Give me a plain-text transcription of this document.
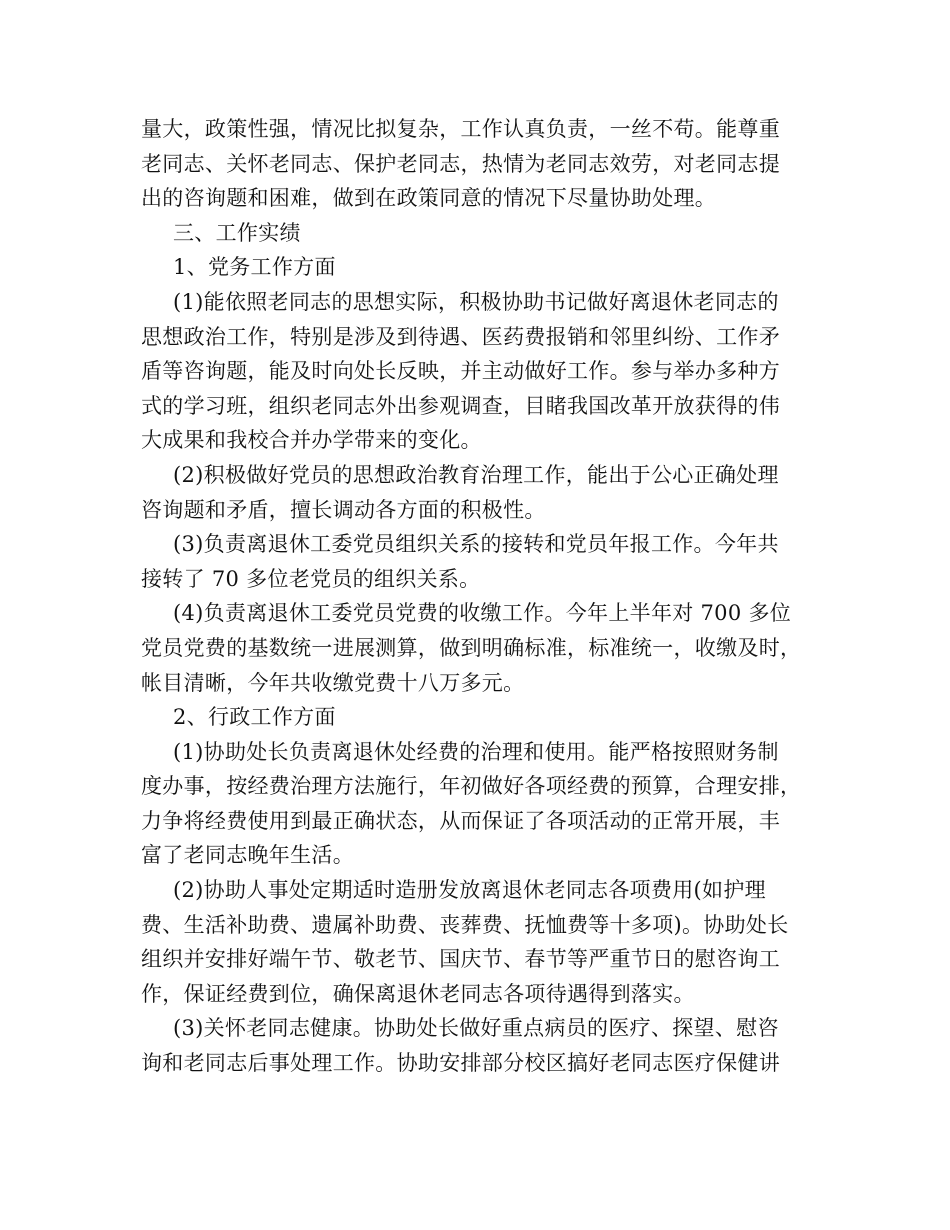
量大，政策性强，情况比拟复杂，工作认真负责，一丝不苟。能尊重
老同志、关怀老同志、保护老同志，热情为老同志效劳，对老同志提
出的咨询题和困难，做到在政策同意的情况下尽量协助处理。
三、工作实绩
1、党务工作方面
(1)能依照老同志的思想实际，积极协助书记做好离退休老同志的
思想政治工作，特别是涉及到待遇、医药费报销和邻里纠纷、工作矛
盾等咨询题，能及时向处长反映，并主动做好工作。参与举办多种方
式的学习班，组织老同志外出参观调查，目睹我国改革开放获得的伟
大成果和我校合并办学带来的变化。
(2)积极做好党员的思想政治教育治理工作，能出于公心正确处理
咨询题和矛盾，擅长调动各方面的积极性。
(3)负责离退休工委党员组织关系的接转和党员年报工作。今年共
接转了 70 多位老党员的组织关系。
(4)负责离退休工委党员党费的收缴工作。今年上半年对 700 多位
党员党费的基数统一进展测算，做到明确标准，标准统一，收缴及时，
帐目清晰，今年共收缴党费十八万多元。
2、行政工作方面
(1)协助处长负责离退休处经费的治理和使用。能严格按照财务制
度办事，按经费治理方法施行，年初做好各项经费的预算，合理安排，
力争将经费使用到最正确状态，从而保证了各项活动的正常开展，丰
富了老同志晚年生活。
(2)协助人事处定期适时造册发放离退休老同志各项费用(如护理
费、生活补助费、遗属补助费、丧葬费、抚恤费等十多项)。协助处长
组织并安排好端午节、敬老节、国庆节、春节等严重节日的慰咨询工
作，保证经费到位，确保离退休老同志各项待遇得到落实。
(3)关怀老同志健康。协助处长做好重点病员的医疗、探望、慰咨
询和老同志后事处理工作。协助安排部分校区搞好老同志医疗保健讲
